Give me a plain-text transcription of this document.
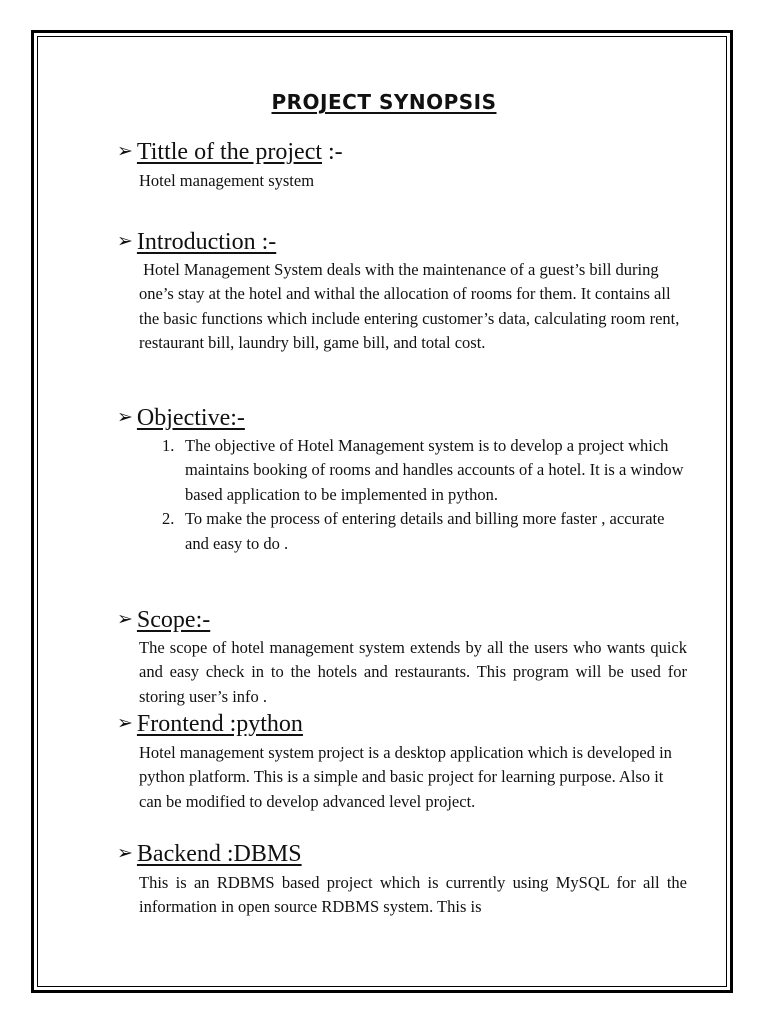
PROJECT SYNOPSIS
➢ Tittle of the project :-

Hotel management system

➢ Introduction :-

Hotel Management System deals with the maintenance of a guest’s bill during one’s stay at the hotel and withal the allocation of rooms for them. It contains all the basic functions which include entering customer’s data, calculating room rent, restaurant bill, laundry bill, game bill, and total cost.

➢ Objective:-
1. The objective of Hotel Management system is to develop a project which maintains booking of rooms and handles accounts of a hotel. It is a window based application to be implemented in python.
2. To make the process of entering details and billing more faster , accurate and easy to do .
➢ Scope:-

The scope of hotel management system extends by all the users who wants quick and easy check in to the hotels and restaurants. This program will be used for storing user’s info .

➢ Frontend :python

Hotel management system project is a desktop application which is developed in python platform. This is a simple and basic project for learning purpose. Also it can be modified to develop advanced level project.

➢ Backend :DBMS

This is an RDBMS based project which is currently using MySQL for all the information in open source RDBMS system. This is
